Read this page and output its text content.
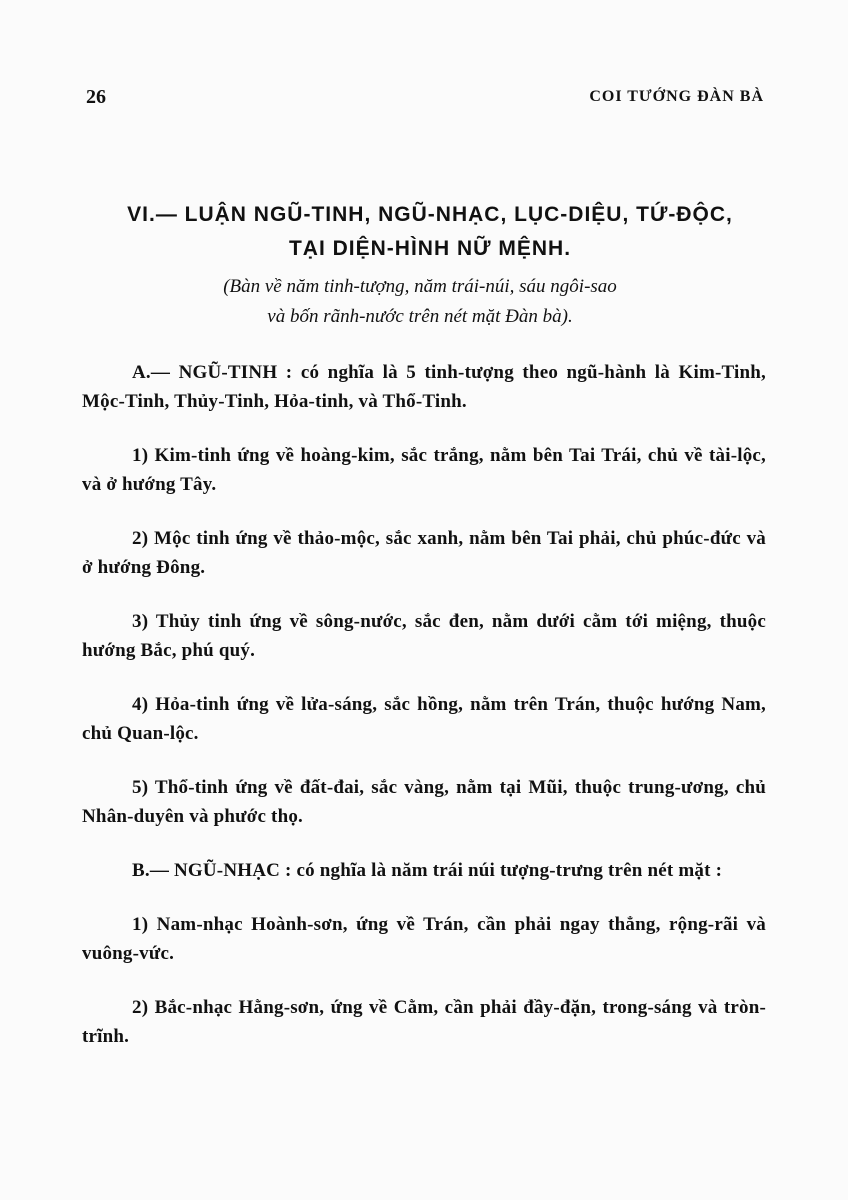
26	COI TƯỚNG ĐÀN BÀ
VI.— LUẬN NGŨ-TINH, NGŨ-NHẠC, LỤC-DIỆU, TỨ-ĐỘC,
TẠI DIỆN-HÌNH NỮ MỆNH.
(Bàn về năm tinh-tượng, năm trái-núi, sáu ngôi-sao
và bốn rãnh-nước trên nét mặt Đàn bà).

A.— NGŨ-TINH : có nghĩa là 5 tinh-tượng theo ngũ-hành là Kim-Tinh, Mộc-Tinh, Thủy-Tinh, Hỏa-tinh, và Thổ-Tinh.

1) Kim-tinh ứng về hoàng-kim, sắc trắng, nằm bên Tai Trái, chủ về tài-lộc, và ở hướng Tây.

2) Mộc tinh ứng về thảo-mộc, sắc xanh, nằm bên Tai phải, chủ phúc-đức và ở hướng Đông.

3) Thủy tinh ứng về sông-nước, sắc đen, nằm dưới cằm tới miệng, thuộc hướng Bắc, phú quý.

4) Hỏa-tinh ứng về lửa-sáng, sắc hồng, nằm trên Trán, thuộc hướng Nam, chủ Quan-lộc.

5) Thổ-tinh ứng về đất-đai, sắc vàng, nằm tại Mũi, thuộc trung-ương, chủ Nhân-duyên và phước thọ.

B.— NGŨ-NHẠC : có nghĩa là năm trái núi tượng-trưng trên nét mặt :

1) Nam-nhạc Hoành-sơn, ứng về Trán, cần phải ngay thẳng, rộng-rãi và vuông-vức.

2) Bắc-nhạc Hằng-sơn, ứng về Cằm, cần phải đầy-đặn, trong-sáng và tròn-trĩnh.
